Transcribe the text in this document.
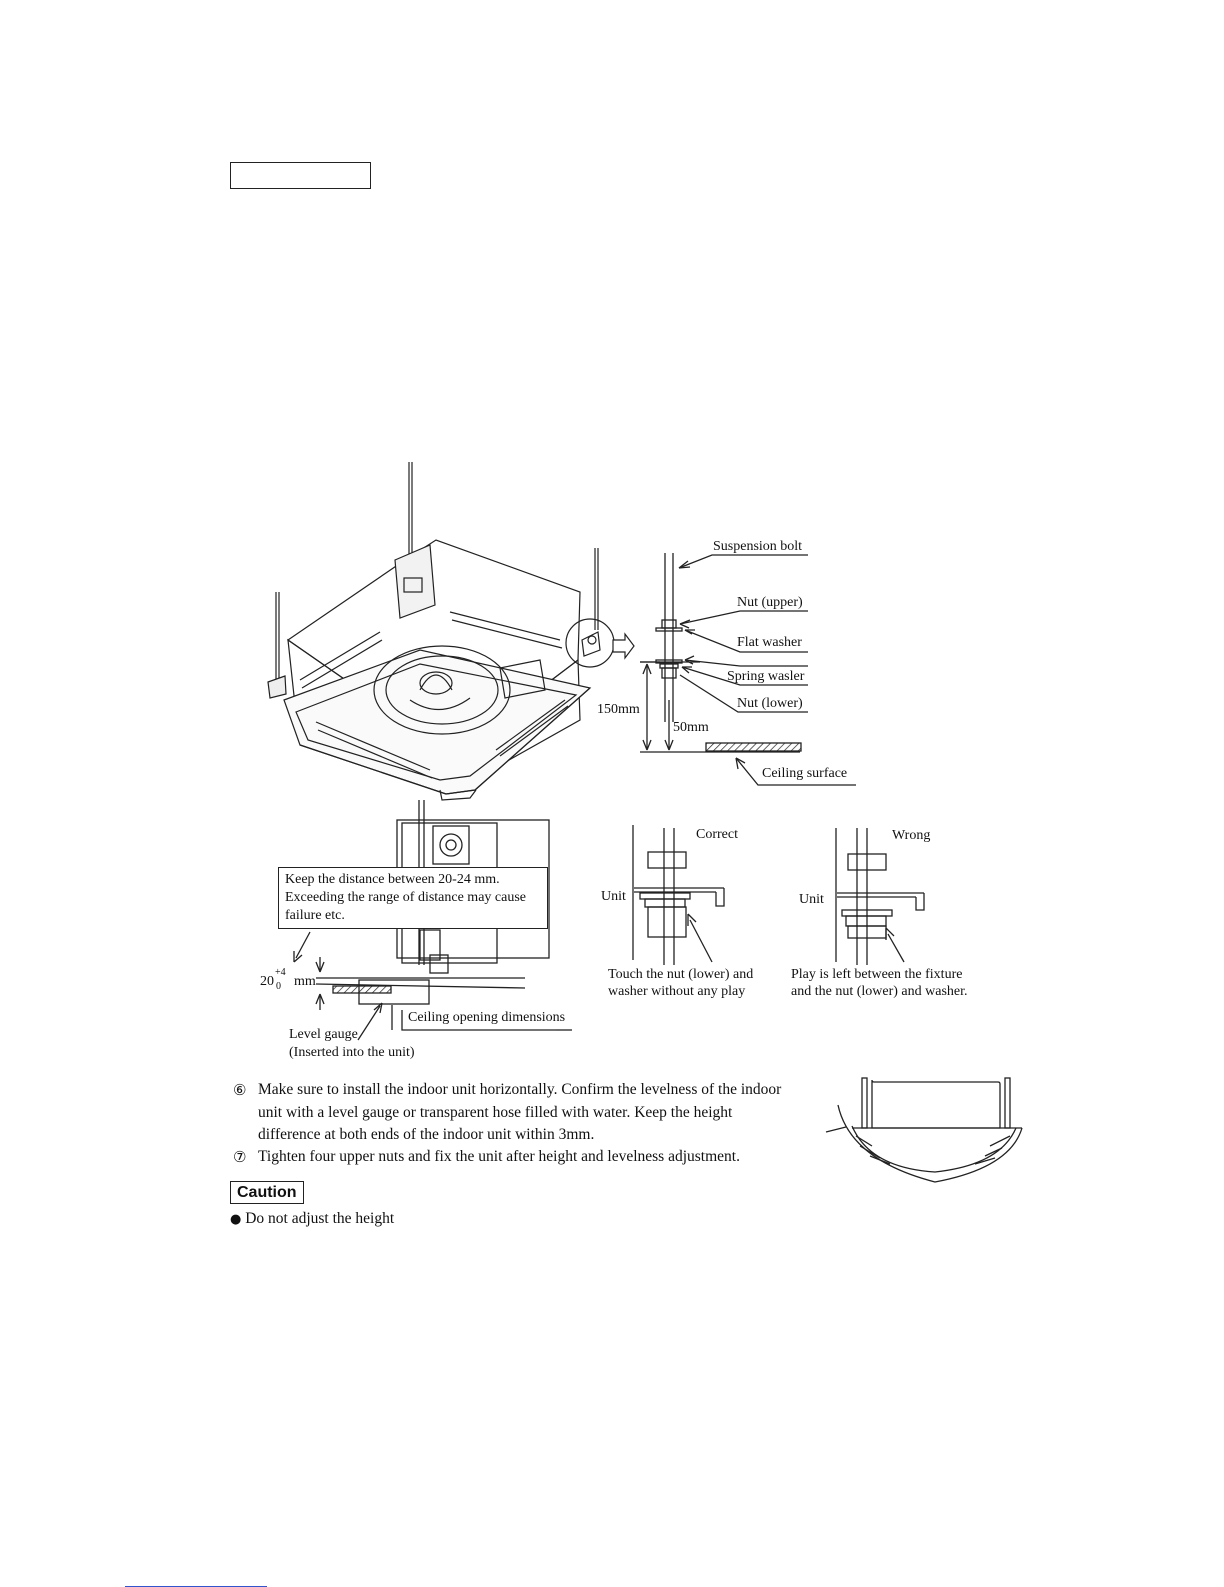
Suspension bolt
Nut (upper)
Flat washer
Spring wasler
Nut (lower)
150mm
50mm
Ceiling surface
Correct	Wrong
Unit	Unit
Touch the nut (lower) and
washer without any play
Play is left between the fixture
and the nut (lower) and washer.
Keep the distance between 20-24 mm.
Exceeding the range of distance may cause
failure etc.
20
+4
0 mm
Ceiling opening dimensions
Level gauge
(Inserted into the unit)
⑥ Make sure to install the indoor unit horizontally. Confirm the levelness of the indoor unit with a level gauge or transparent hose filled with water. Keep the height difference at both ends of the indoor unit within 3mm.
⑦ Tighten four upper nuts and fix the unit after height and levelness adjustment.
Caution
● Do not adjust the height
